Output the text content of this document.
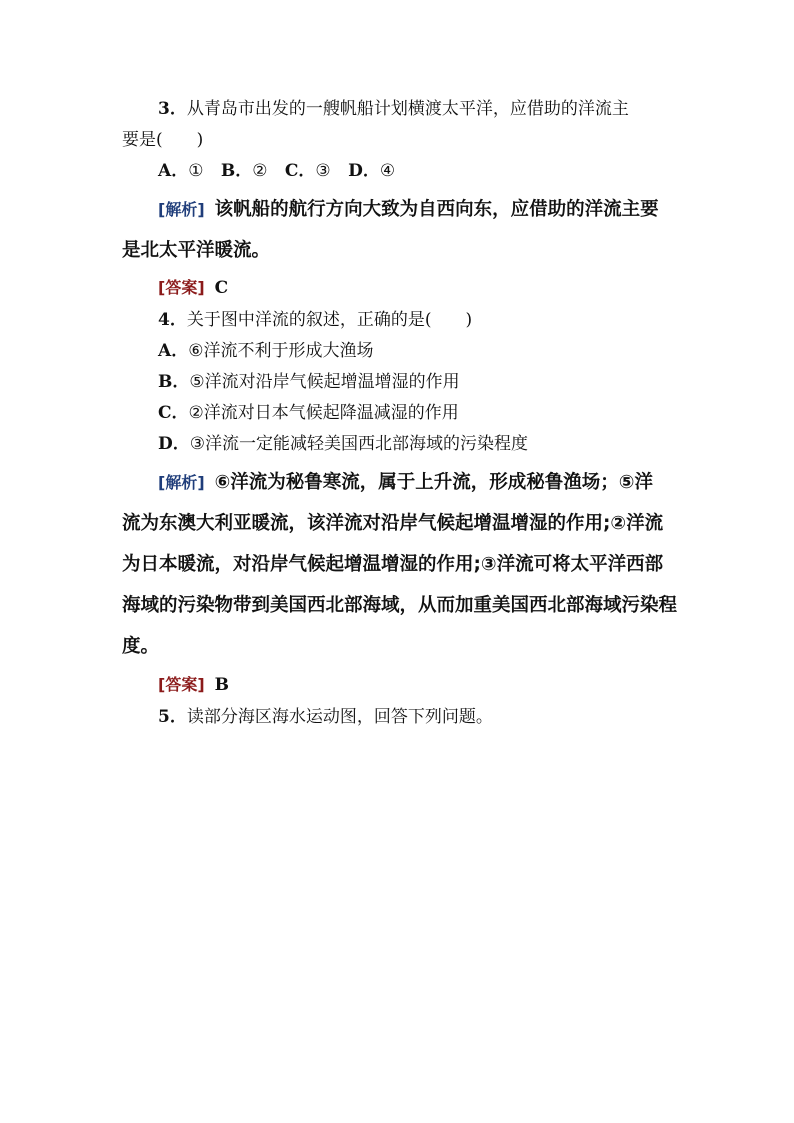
3．从青岛市出发的一艘帆船计划横渡太平洋，应借助的洋流主
要是(　　)
A．① B．② C．③ D．④
[解析] 该帆船的航行方向大致为自西向东，应借助的洋流主要
是北太平洋暖流。
[答案] C
4．关于图中洋流的叙述，正确的是(　　)
A．⑥洋流不利于形成大渔场
B．⑤洋流对沿岸气候起增温增湿的作用
C．②洋流对日本气候起降温减湿的作用
D．③洋流一定能减轻美国西北部海域的污染程度
[解析] ⑥洋流为秘鲁寒流，属于上升流，形成秘鲁渔场；⑤洋
流为东澳大利亚暖流，该洋流对沿岸气候起增温增湿的作用;②洋流
为日本暖流，对沿岸气候起增温增湿的作用;③洋流可将太平洋西部
海域的污染物带到美国西北部海域，从而加重美国西北部海域污染程
度。
[答案] B
5．读部分海区海水运动图，回答下列问题。
